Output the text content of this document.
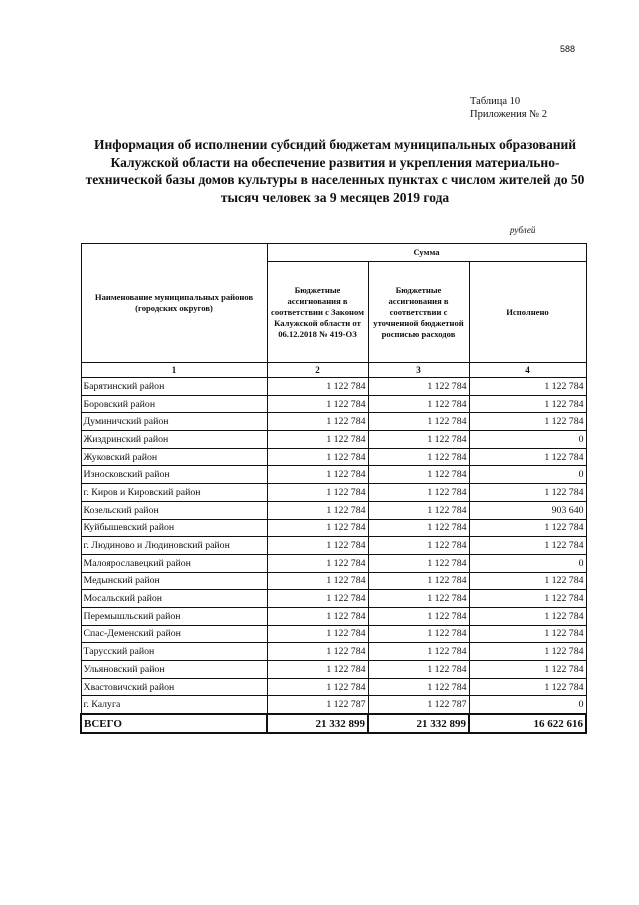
588
Таблица 10
Приложения № 2
Информация об исполнении субсидий бюджетам муниципальных образований Калужской области на обеспечение развития и укрепления материально-технической базы домов культуры в населенных пунктах с числом жителей до 50 тысяч человек за 9 месяцев 2019 года
рублей
Наименование муниципальных районов (городских округов)	Сумма		
	Бюджетные ассигнования в соответствии с Законом Калужской области от 06.12.2018 № 419-ОЗ	Бюджетные ассигнования в соответствии с уточненной бюджетной росписью расходов	Исполнено
1	2	3	4
Барятинский район	1 122 784	1 122 784	1 122 784
Боровский район	1 122 784	1 122 784	1 122 784
Думиничский район	1 122 784	1 122 784	1 122 784
Жиздринский район	1 122 784	1 122 784	0
Жуковский район	1 122 784	1 122 784	1 122 784
Износковский район	1 122 784	1 122 784	0
г. Киров и Кировский район	1 122 784	1 122 784	1 122 784
Козельский район	1 122 784	1 122 784	903 640
Куйбышевский район	1 122 784	1 122 784	1 122 784
г. Людиново и Людиновский район	1 122 784	1 122 784	1 122 784
Малоярославецкий район	1 122 784	1 122 784	0
Медынский район	1 122 784	1 122 784	1 122 784
Мосальский район	1 122 784	1 122 784	1 122 784
Перемышльский район	1 122 784	1 122 784	1 122 784
Спас-Деменский район	1 122 784	1 122 784	1 122 784
Тарусский район	1 122 784	1 122 784	1 122 784
Ульяновский район	1 122 784	1 122 784	1 122 784
Хвастовичский район	1 122 784	1 122 784	1 122 784
г. Калуга	1 122 787	1 122 787	0
ВСЕГО	21 332 899	21 332 899	16 622 616
